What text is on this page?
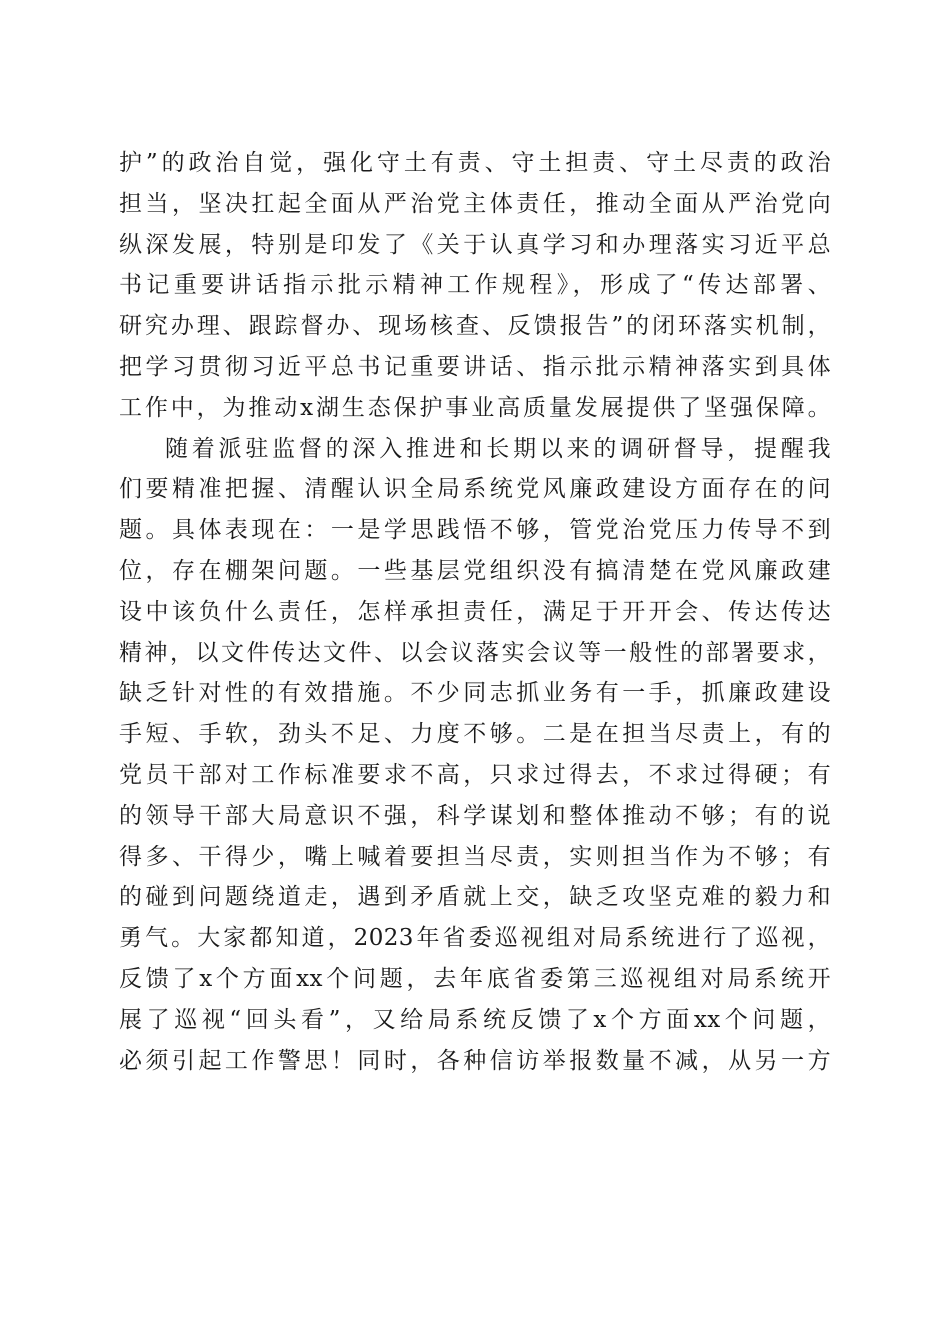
护”的政治自觉，强化守土有责、守土担责、守土尽责的政治
担当，坚决扛起全面从严治党主体责任，推动全面从严治党向
纵深发展，特别是印发了《关于认真学习和办理落实习近平总
书记重要讲话指示批示精神工作规程》，形成了“传达部署、
研究办理、跟踪督办、现场核查、反馈报告”的闭环落实机制，
把学习贯彻习近平总书记重要讲话、指示批示精神落实到具体
工作中，为推动x湖生态保护事业高质量发展提供了坚强保障。
随着派驻监督的深入推进和长期以来的调研督导，提醒我
们要精准把握、清醒认识全局系统党风廉政建设方面存在的问
题。具体表现在：一是学思践悟不够，管党治党压力传导不到
位，存在棚架问题。一些基层党组织没有搞清楚在党风廉政建
设中该负什么责任，怎样承担责任，满足于开开会、传达传达
精神，以文件传达文件、以会议落实会议等一般性的部署要求，
缺乏针对性的有效措施。不少同志抓业务有一手，抓廉政建设
手短、手软，劲头不足、力度不够。二是在担当尽责上，有的
党员干部对工作标准要求不高，只求过得去，不求过得硬；有
的领导干部大局意识不强，科学谋划和整体推动不够；有的说
得多、干得少，嘴上喊着要担当尽责，实则担当作为不够；有
的碰到问题绕道走，遇到矛盾就上交，缺乏攻坚克难的毅力和
勇气。大家都知道，2023年省委巡视组对局系统进行了巡视，
反馈了x个方面xx个问题，去年底省委第三巡视组对局系统开
展了巡视“回头看”，又给局系统反馈了x个方面xx个问题，
必须引起工作警思！同时，各种信访举报数量不减，从另一方
